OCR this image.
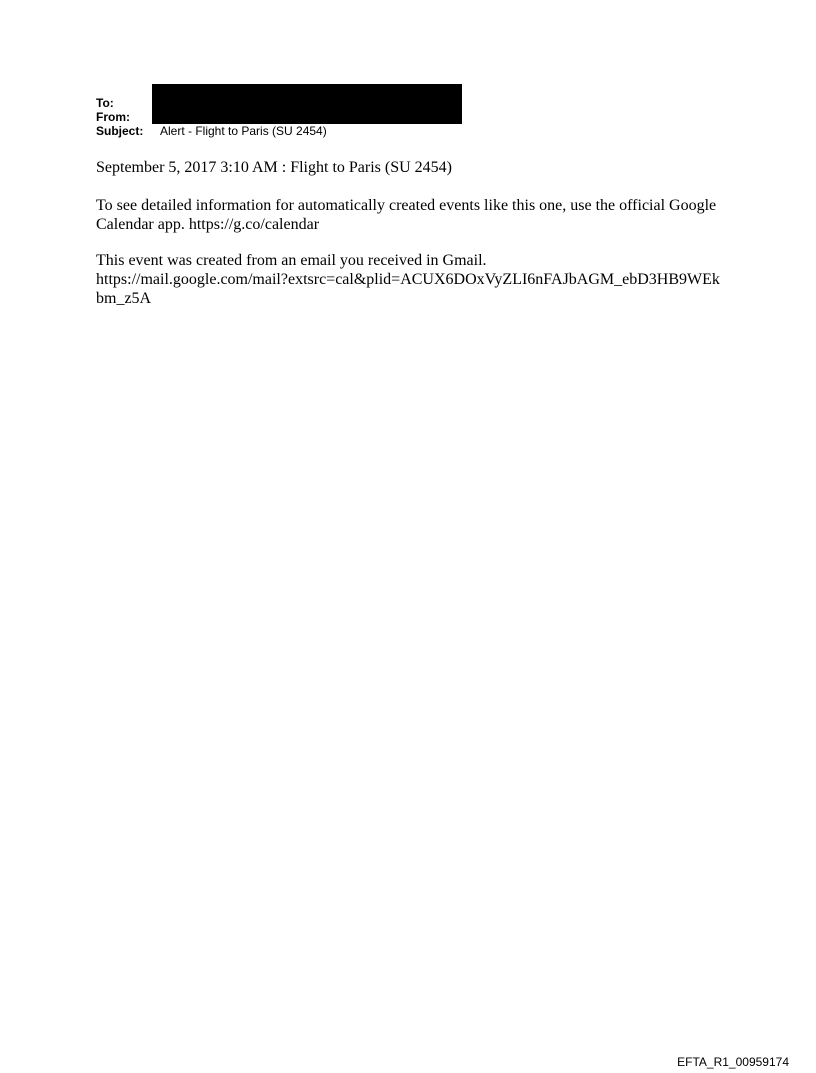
To:
From:
Subject:	Alert - Flight to Paris (SU 2454)
September 5, 2017 3:10 AM : Flight to Paris (SU 2454)
To see detailed information for automatically created events like this one, use the official Google
Calendar app. https://g.co/calendar
This event was created from an email you received in Gmail.
https://mail.google.com/mail?extsrc=cal&plid=ACUX6DOxVyZLI6nFAJbAGM_ebD3HB9WEk
bm_z5A
EFTA_R1_00959174
